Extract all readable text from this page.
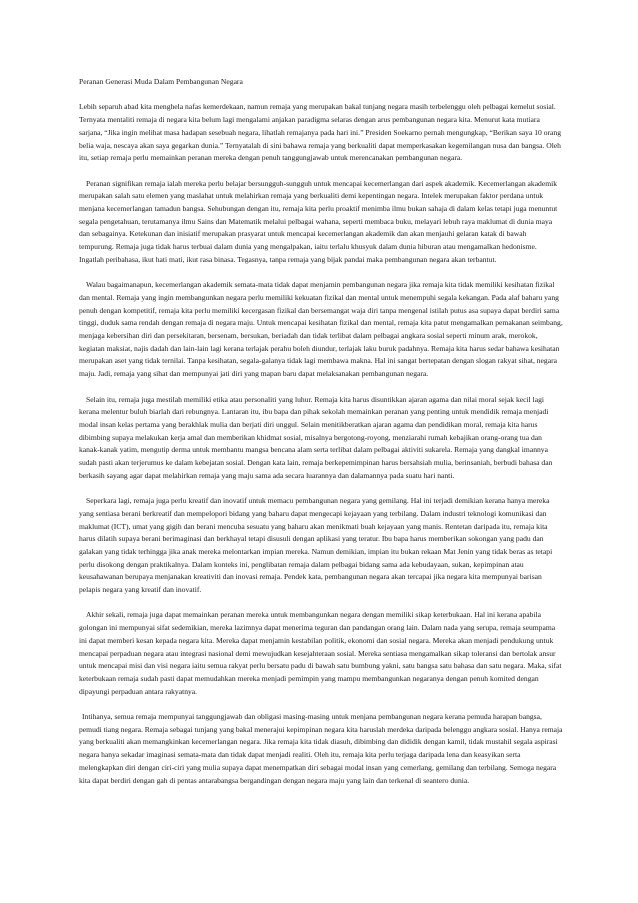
Peranan Generasi Muda Dalam Pembangunan Negara

Lebih separuh abad kita menghela nafas kemerdekaan, namun remaja yang merupakan bakal tunjang negara masih terbelenggu oleh pelbagai kemelut sosial. Ternyata mentaliti remaja di negara kita belum lagi mengalami anjakan paradigma selaras dengan arus pembangunan negara kita. Menurut kata mutiara sarjana, “Jika ingin melihat masa hadapan sesebuah negara, lihatlah remajanya pada hari ini.” Presiden Soekarno pernah mengungkap, “Berikan saya 10 orang belia waja, nescaya akan saya gegarkan dunia.” Ternyatalah di sini bahawa remaja yang berkualiti dapat memperkasakan kegemilangan nusa dan bangsa. Oleh itu, setiap remaja perlu memainkan peranan mereka dengan penuh tanggungjawab untuk merencanakan pembangunan negara.

Peranan signifikan remaja ialah mereka perlu belajar bersungguh-sungguh untuk mencapai kecemerlangan dari aspek akademik. Kecemerlangan akademik merupakan salah satu elemen yang maslahat untuk melahirkan remaja yang berkualiti demi kepentingan negara. Intelek merupakan faktor perdana untuk menjana kecemerlangan tamadun bangsa. Sehubungan dengan itu, remaja kita perlu proaktif menimba ilmu bukan sahaja di dalam kelas tetapi juga menuntut segala pengetahuan, terutamanya ilmu Sains dan Matematik melalui pelbagai wahana, seperti membaca buku, melayari lebuh raya maklumat di dunia maya dan sebagainya. Ketekunan dan inisiatif merupakan prasyarat untuk mencapai kecemerlangan akademik dan akan menjauhi gelaran katak di bawah tempurung. Remaja juga tidak harus terbuai dalam dunia yang mengalpakan, iaitu terlalu khusyuk dalam dunia hiburan atau mengamalkan hedonisme. Ingatlah peribahasa, ikut hati mati, ikut rasa binasa. Tegasnya, tanpa remaja yang bijak pandai maka pembangunan negara akan terbantut.

Walau bagaimanapun, kecemerlangan akademik semata-mata tidak dapat menjamin pembangunan negara jika remaja kita tidak memiliki kesihatan fizikal dan mental. Remaja yang ingin membangunkan negara perlu memiliki kekuatan fizikal dan mental untuk menempuhi segala kekangan. Pada alaf baharu yang penuh dengan kompetitif, remaja kita perlu memiliki kecergasan fizikal dan bersemangat waja diri tanpa mengenal istilah putus asa supaya dapat berdiri sama tinggi, duduk sama rendah dengan remaja di negara maju. Untuk mencapai kesihatan fizikal dan mental, remaja kita patut mengamalkan pemakanan seimbang, menjaga kebersihan diri dan persekitaran, bersenam, bersukan, beriadah dan tidak terlibat dalam pelbagai angkara sosial seperti minum arak, merokok, kegiatan maksiat, najis dadah dan lain-lain lagi kerana terlajak perahu boleh diundur, terlajak laku buruk padahnya. Remaja kita harus sedar bahawa kesihatan merupakan aset yang tidak ternilai. Tanpa kesihatan, segala-galanya tidak lagi membawa makna. Hal ini sangat bertepatan dengan slogan rakyat sihat, negara maju. Jadi, remaja yang sihat dan mempunyai jati diri yang mapan baru dapat melaksanakan pembangunan negara.

Selain itu, remaja juga mestilah memiliki etika atau personaliti yang luhur. Remaja kita harus disuntikkan ajaran agama dan nilai moral sejak kecil lagi kerana melentur buluh biarlah dari rebungnya. Lantaran itu, ibu bapa dan pihak sekolah memainkan peranan yang penting untuk mendidik remaja menjadi modal insan kelas pertama yang berakhlak mulia dan berjati diri unggul. Selain menitikberatkan ajaran agama dan pendidikan moral, remaja kita harus dibimbing supaya melakukan kerja amal dan memberikan khidmat sosial, misalnya bergotong-royong, menziarahi rumah kebajikan orang-orang tua dan kanak-kanak yatim, mengutip derma untuk membantu mangsa bencana alam serta terlibat dalam pelbagai aktiviti sukarela. Remaja yang dangkal imannya sudah pasti akan terjerumus ke dalam kebejatan sosial. Dengan kata lain, remaja berkepemimpinan harus bersahsiah mulia, berinsaniah, berbudi bahasa dan berkasih sayang agar dapat melahirkan remaja yang maju sama ada secara luarannya dan dalamannya pada suatu hari nanti.

Seperkara lagi, remaja juga perlu kreatif dan inovatif untuk memacu pembangunan negara yang gemilang. Hal ini terjadi demikian kerana hanya mereka yang sentiasa berani berkreatif dan mempelopori bidang yang baharu dapat mengecapi kejayaan yang terbilang. Dalam industri teknologi komunikasi dan maklumat (ICT), umat yang gigih dan berani mencuba sesuatu yang baharu akan menikmati buah kejayaan yang manis. Rentetan daripada itu, remaja kita harus dilatih supaya berani berimaginasi dan berkhayal tetapi disusuli dengan aplikasi yang teratur. Ibu bapa harus memberikan sokongan yang padu dan galakan yang tidak terhingga jika anak mereka melontarkan impian mereka. Namun demikian, impian itu bukan rekaan Mat Jenin yang tidak beras as tetapi perlu disokong dengan praktikalnya. Dalam konteks ini, penglibatan remaja dalam pelbagai bidang sama ada kebudayaan, sukan, kepimpinan atau keusahawanan berupaya menjanakan kreativiti dan inovasi remaja. Pendek kata, pembangunan negara akan tercapai jika negara kita mempunyai barisan pelapis negara yang kreatif dan inovatif.

Akhir sekali, remaja juga dapat memainkan peranan mereka untuk membangunkan negara dengan memiliki sikap keterbukaan. Hal ini kerana apabila golongan ini mempunyai sifat sedemikian, mereka lazimnya dapat menerima teguran dan pandangan orang lain. Dalam nada yang serupa, remaja seumpama ini dapat memberi kesan kepada negara kita. Mereka dapat menjamin kestabilan politik, ekonomi dan sosial negara. Mereka akan menjadi pendukung untuk mencapai perpaduan negara atau integrasi nasional demi mewujudkan kesejahteraan sosial. Mereka sentiasa mengamalkan sikap toleransi dan bertolak ansur untuk mencapai misi dan visi negara iaitu semua rakyat perlu bersatu padu di bawah satu bumbung yakni, satu bangsa satu bahasa dan satu negara. Maka, sifat keterbukaan remaja sudah pasti dapat memudahkan mereka menjadi pemimpin yang mampu membangunkan negaranya dengan penuh komited dengan dipayungi perpaduan antara rakyatnya.

Intihanya, semua remaja mempunyai tanggungjawab dan obligasi masing-masing untuk menjana pembangunan negara kerana pemuda harapan bangsa, pemudi tiang negara. Remaja sebagai tunjang yang bakal menerajui kepimpinan negara kita haruslah merdeka daripada belenggu angkara sosial. Hanya remaja yang berkualiti akan memangkinkan kecemerlangan negara. Jika remaja kita tidak diasuh, dibimbing dan dididik dengan kamil, tidak mustahil segala aspirasi negara hanya sekadar imaginasi semata-mata dan tidak dapat menjadi realiti. Oleh itu, remaja kita perlu terjaga daripada lena dan keasyikan serta melengkapkan diri dengan ciri-ciri yang mulia supaya dapat menempatkan diri sebagai modal insan yang cemerlang, gemilang dan terbilang. Semoga negara kita dapat berdiri dengan gah di pentas antarabangsa bergandingan dengan negara maju yang lain dan terkenal di seantero dunia.
